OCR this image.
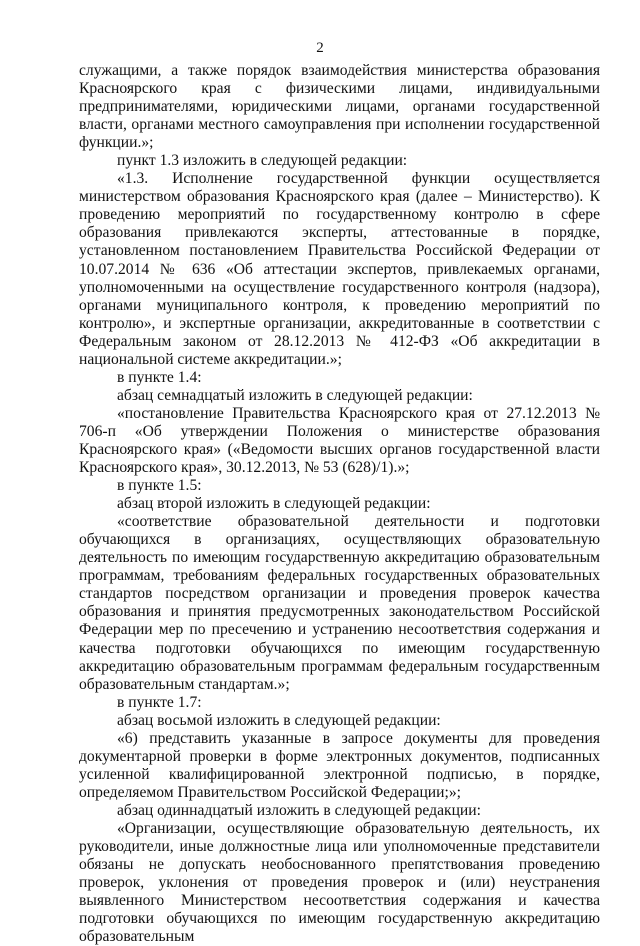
2

служащими, а также порядок взаимодействия министерства образования Красноярского края с физическими лицами, индивидуальными предпринимателями, юридическими лицами, органами государственной власти, органами местного самоуправления при исполнении государственной функции.»;

пункт 1.3 изложить в следующей редакции:

«1.3. Исполнение государственной функции осуществляется министерством образования Красноярского края (далее – Министерство). К проведению мероприятий по государственному контролю в сфере образования привлекаются эксперты, аттестованные в порядке, установленном постановлением Правительства Российской Федерации от 10.07.2014 № 636 «Об аттестации экспертов, привлекаемых органами, уполномоченными на осуществление государственного контроля (надзора), органами муниципального контроля, к проведению мероприятий по контролю», и экспертные организации, аккредитованные в соответствии с Федеральным законом от 28.12.2013 № 412-ФЗ «Об аккредитации в национальной системе аккредитации.»;

в пункте 1.4:

абзац семнадцатый изложить в следующей редакции:

«постановление Правительства Красноярского края от 27.12.2013 № 706-п «Об утверждении Положения о министерстве образования Красноярского края» («Ведомости высших органов государственной власти Красноярского края», 30.12.2013, № 53 (628)/1).»;

в пункте 1.5:

абзац второй изложить в следующей редакции:

«соответствие образовательной деятельности и подготовки обучающихся в организациях, осуществляющих образовательную деятельность по имеющим государственную аккредитацию образовательным программам, требованиям федеральных государственных образовательных стандартов посредством организации и проведения проверок качества образования и принятия предусмотренных законодательством Российской Федерации мер по пресечению и устранению несоответствия содержания и качества подготовки обучающихся по имеющим государственную аккредитацию образовательным программам федеральным государственным образовательным стандартам.»;

в пункте 1.7:

абзац восьмой изложить в следующей редакции:

«6) представить указанные в запросе документы для проведения документарной проверки в форме электронных документов, подписанных усиленной квалифицированной электронной подписью, в порядке, определяемом Правительством Российской Федерации;»;

абзац одиннадцатый изложить в следующей редакции:

«Организации, осуществляющие образовательную деятельность, их руководители, иные должностные лица или уполномоченные представители обязаны не допускать необоснованного препятствования проведению проверок, уклонения от проведения проверок и (или) неустранения выявленного Министерством несоответствия содержания и качества подготовки обучающихся по имеющим государственную аккредитацию образовательным
